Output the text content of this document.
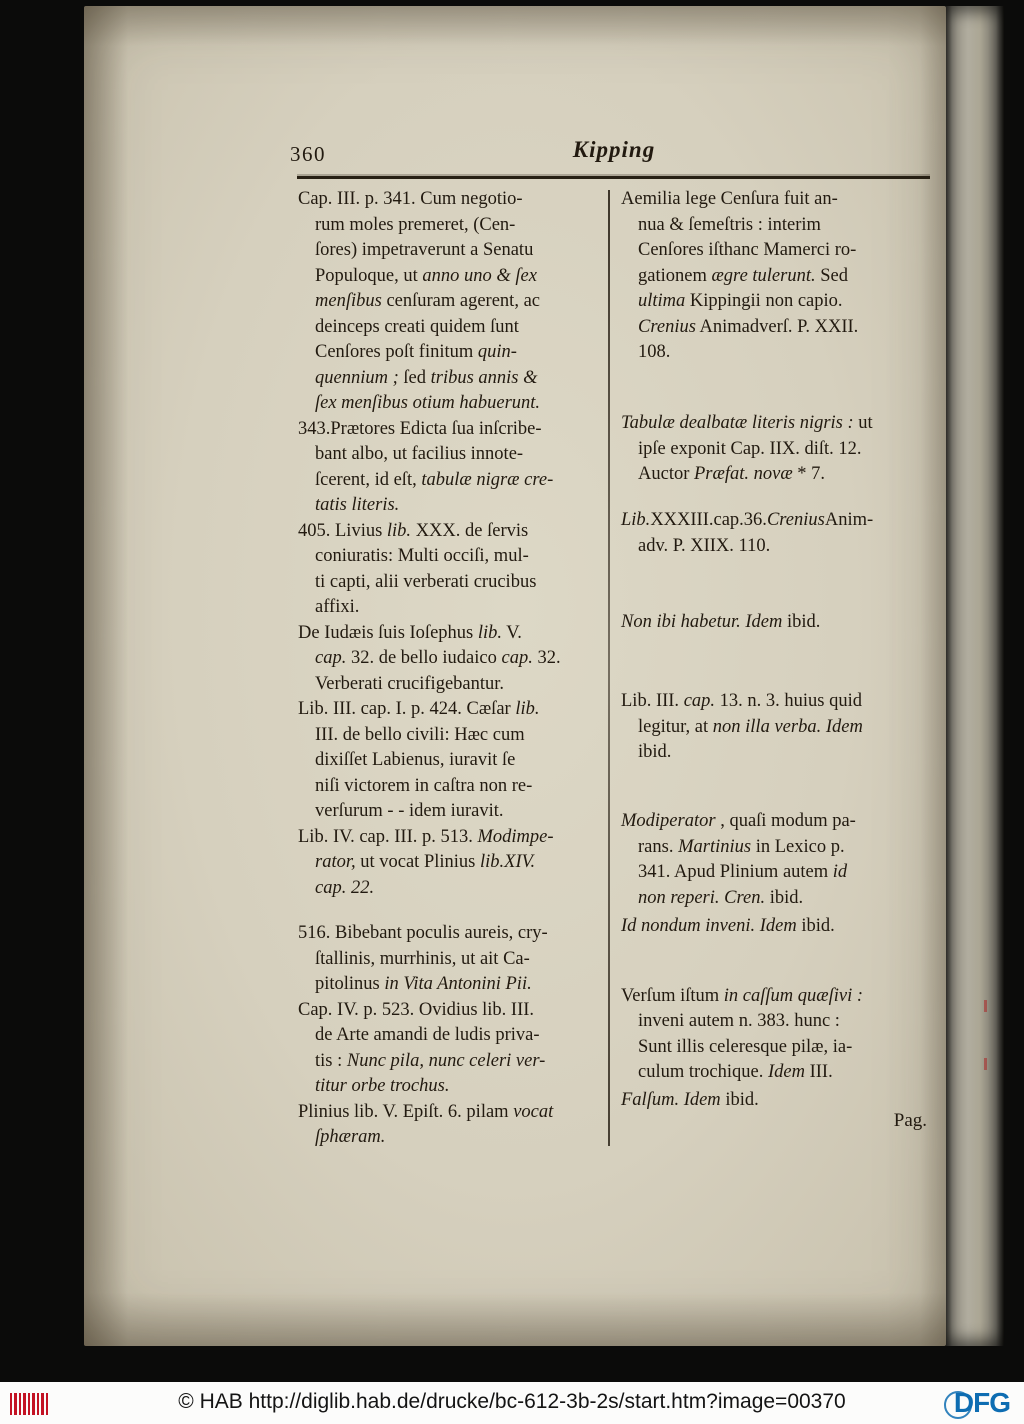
360	Kipping
Cap. III. p. 341. Cum negotio-
rum moles premeret, (Cen-
ſores) impetraverunt a Senatu
Populoque, ut anno uno & ſex
menſibus cenſuram agerent, ac
deinceps creati quidem ſunt
Cenſores poſt finitum quin-
quennium ; ſed tribus annis &
ſex menſibus otium habuerunt.
343.Prætores Edicta ſua inſcribe-
bant albo, ut facilius innote-
ſcerent, id eſt, tabulæ nigræ cre-
tatis literis.
405. Livius lib. XXX. de ſervis
coniuratis: Multi occiſi, mul-
ti capti, alii verberati crucibus
affixi.
De Iudæis ſuis Ioſephus lib. V.
cap. 32. de bello iudaico cap. 32.
Verberati crucifigebantur.
Lib. III. cap. I. p. 424. Cæſar lib.
III. de bello civili: Hæc cum
dixiſſet Labienus, iuravit ſe
niſi victorem in caſtra non re-
verſurum - - idem iuravit.
Lib. IV. cap. III. p. 513. Modimpe-
rator, ut vocat Plinius lib.XIV.
cap. 22.
516. Bibebant poculis aureis, cry-
ſtallinis, murrhinis, ut ait Ca-
pitolinus in Vita Antonini Pii.
Cap. IV. p. 523. Ovidius lib. III.
de Arte amandi de ludis priva-
tis : Nunc pila, nunc celeri ver-
titur orbe trochus.
Plinius lib. V. Epiſt. 6. pilam vocat
ſphæram.
Aemilia lege Cenſura fuit an-
nua & ſemeſtris : interim
Cenſores iſthanc Mamerci ro-
gationem ægre tulerunt. Sed
ultima Kippingii non capio.
Crenius Animadverſ. P. XXII.
108.
Tabulæ dealbatæ literis nigris : ut
ipſe exponit Cap. IIX. diſt. 12.
Auctor Præfat. novæ * 7.
Lib.XXXIII.cap.36.CreniusAnim-
adv. P. XIIX. 110.
Non ibi habetur. Idem ibid.
Lib. III. cap. 13. n. 3. huius quid
legitur, at non illa verba. Idem
ibid.
Modiperator , quaſi modum pa-
rans. Martinius in Lexico p.
341. Apud Plinium autem id
non reperi. Cren. ibid.
Id nondum inveni. Idem ibid.
Verſum iſtum in caſſum quæſivi :
inveni autem n. 383. hunc :
Sunt illis celeresque pilæ, ia-
culum trochique. Idem III.
Falſum. Idem ibid.
Pag.
© HAB http://diglib.hab.de/drucke/bc-612-3b-2s/start.htm?image=00370	DFG
